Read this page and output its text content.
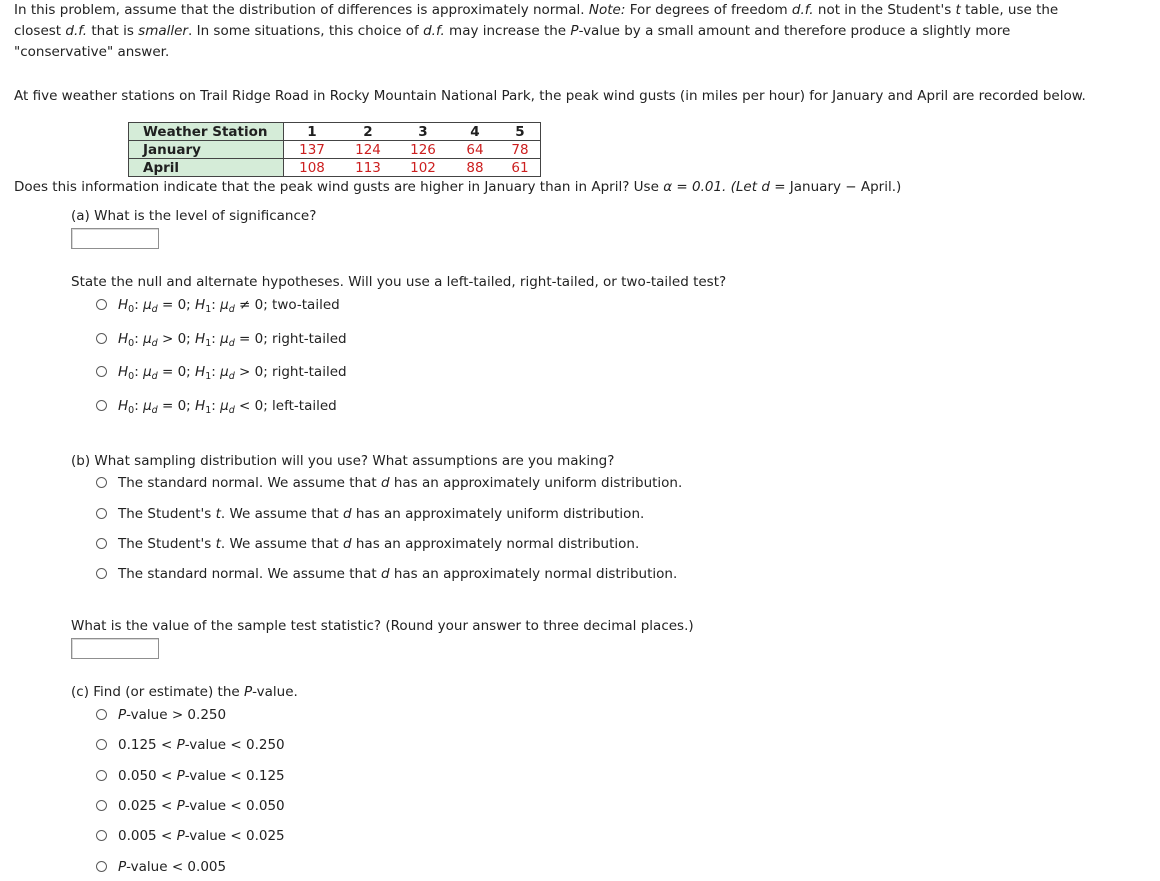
In this problem, assume that the distribution of differences is approximately normal. Note: For degrees of freedom d.f. not in the Student's t table, use the
closest d.f. that is smaller. In some situations, this choice of d.f. may increase the P-value by a small amount and therefore produce a slightly more
"conservative" answer.
At five weather stations on Trail Ridge Road in Rocky Mountain National Park, the peak wind gusts (in miles per hour) for January and April are recorded below.
Weather Station	1	2	3	4	5
January	137	124	126	64	78
April	108	113	102	88	61
Does this information indicate that the peak wind gusts are higher in January than in April? Use α = 0.01. (Let d = January − April.)
(a) What is the level of significance?
State the null and alternate hypotheses. Will you use a left-tailed, right-tailed, or two-tailed test?
$H_0$: $\mu_d = 0$; $H_1$: $\mu_d \ne 0$; two-tailed
$H_0$: $\mu_d > 0$; $H_1$: $\mu_d = 0$; right-tailed
$H_0$: $\mu_d = 0$; $H_1$: $\mu_d > 0$; right-tailed
$H_0$: $\mu_d = 0$; $H_1$: $\mu_d < 0$; left-tailed
(b) What sampling distribution will you use? What assumptions are you making?
The standard normal. We assume that d has an approximately uniform distribution.
The Student's t. We assume that d has an approximately uniform distribution.
The Student's t. We assume that d has an approximately normal distribution.
The standard normal. We assume that d has an approximately normal distribution.
What is the value of the sample test statistic? (Round your answer to three decimal places.)
(c) Find (or estimate) the P-value.
P-value > 0.250
0.125 < P-value < 0.250
0.050 < P-value < 0.125
0.025 < P-value < 0.050
0.005 < P-value < 0.025
P-value < 0.005
